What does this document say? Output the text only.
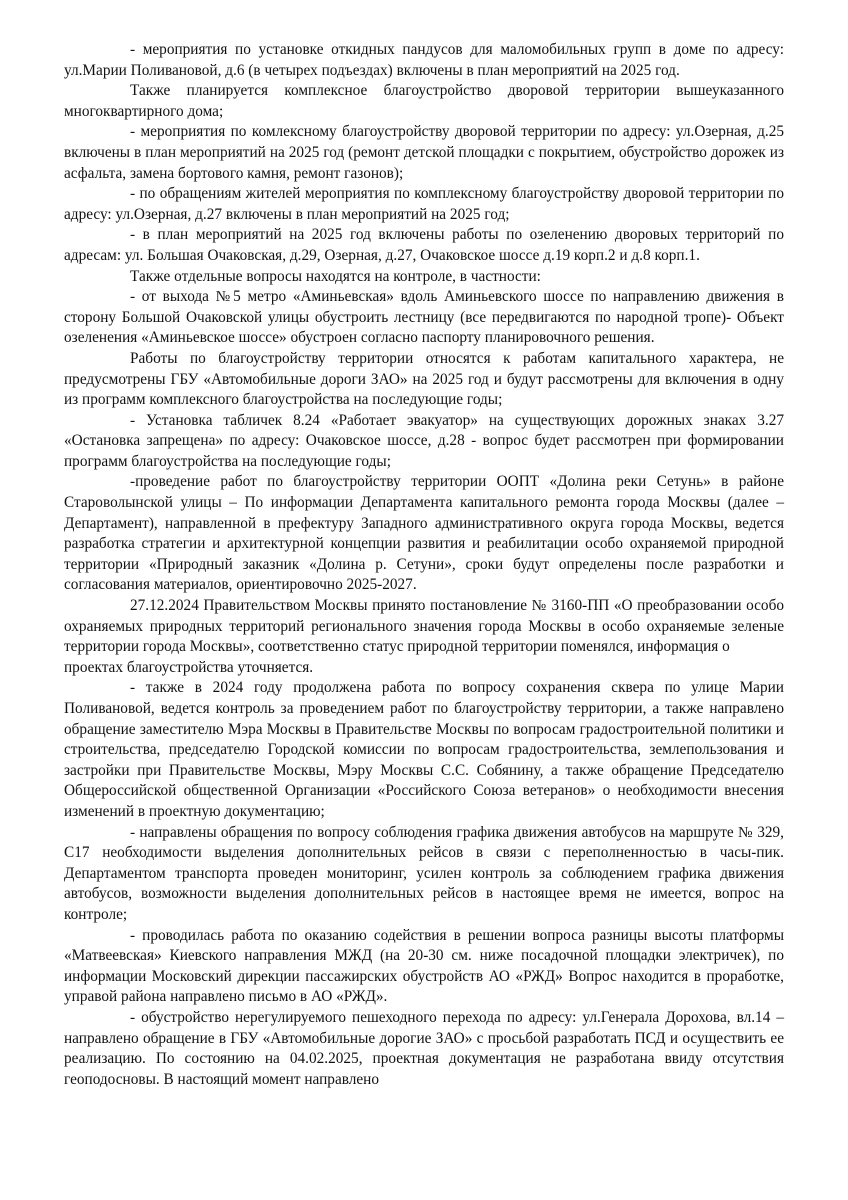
- мероприятия по установке откидных пандусов для маломобильных групп в доме по адресу: ул.Марии Поливановой, д.6 (в четырех подъездах) включены в план мероприятий на 2025 год.

Также планируется комплексное благоустройство дворовой территории вышеуказанного многоквартирного дома;

- мероприятия по комлексному благоустройству дворовой территории по адресу: ул.Озерная, д.25 включены в план мероприятий на 2025 год (ремонт детской площадки с покрытием, обустройство дорожек из асфальта, замена бортового камня, ремонт газонов);

- по обращениям жителей мероприятия по комплексному благоустройству дворовой территории по адресу: ул.Озерная, д.27 включены в план мероприятий на 2025 год;

- в план мероприятий на 2025 год включены работы по озеленению дворовых территорий по адресам: ул. Большая Очаковская, д.29, Озерная, д.27, Очаковское шоссе д.19 корп.2 и д.8 корп.1.

Также отдельные вопросы находятся на контроле, в частности:

- от выхода №5 метро «Аминьевская» вдоль Аминьевского шоссе по направлению движения в сторону Большой Очаковской улицы обустроить лестницу (все передвигаются по народной тропе)- Объект озеленения «Аминьевское шоссе» обустроен согласно паспорту планировочного решения.

Работы по благоустройству территории относятся к работам капитального характера, не предусмотрены ГБУ «Автомобильные дороги ЗАО» на 2025 год и будут рассмотрены для включения в одну из программ комплексного благоустройства на последующие годы;

- Установка табличек 8.24 «Работает эвакуатор» на существующих дорожных знаках 3.27 «Остановка запрещена» по адресу: Очаковское шоссе, д.28 - вопрос будет рассмотрен при формировании программ благоустройства на последующие годы;

-проведение работ по благоустройству территории ООПТ «Долина реки Сетунь» в районе Староволынской улицы – По информации Департамента капитального ремонта города Москвы (далее – Департамент), направленной в префектуру Западного административного округа города Москвы, ведется разработка стратегии и архитектурной концепции развития и реабилитации особо охраняемой природной территории «Природный заказник «Долина р. Сетуни», сроки будут определены после разработки и согласования материалов, ориентировочно 2025-2027.

27.12.2024 Правительством Москвы принято постановление № 3160-ПП «О преобразовании особо охраняемых природных территорий регионального значения города Москвы в особо охраняемые зеленые территории города Москвы», соответственно статус природной территории поменялся, информация о

проектах благоустройства уточняется.

- также в 2024 году продолжена работа по вопросу сохранения сквера по улице Марии Поливановой, ведется контроль за проведением работ по благоустройству территории, а также направлено обращение заместителю Мэра Москвы в Правительстве Москвы по вопросам градостроительной политики и строительства, председателю Городской комиссии по вопросам градостроительства, землепользования и застройки при Правительстве Москвы, Мэру Москвы С.С. Собянину, а также обращение Председателю Общероссийской общественной Организации «Российского Союза ветеранов» о необходимости внесения изменений в проектную документацию;

- направлены обращения по вопросу соблюдения графика движения автобусов на маршруте № 329, С17 необходимости выделения дополнительных рейсов в связи с переполненностью в часы-пик. Департаментом транспорта проведен мониторинг, усилен контроль за соблюдением графика движения автобусов, возможности выделения дополнительных рейсов в настоящее время не имеется, вопрос на контроле;

- проводилась работа по оказанию содействия в решении вопроса разницы высоты платформы «Матвеевская» Киевского направления МЖД (на 20-30 см. ниже посадочной площадки электричек), по информации Московский дирекции пассажирских обустройств АО «РЖД» Вопрос находится в проработке, управой района направлено письмо в АО «РЖД».

- обустройство нерегулируемого пешеходного перехода по адресу: ул.Генерала Дорохова, вл.14 –направлено обращение в ГБУ «Автомобильные дорогие ЗАО» с просьбой разработать ПСД и осуществить ее реализацию. По состоянию на 04.02.2025, проектная документация не разработана ввиду отсутствия геоподосновы. В настоящий момент направлено
